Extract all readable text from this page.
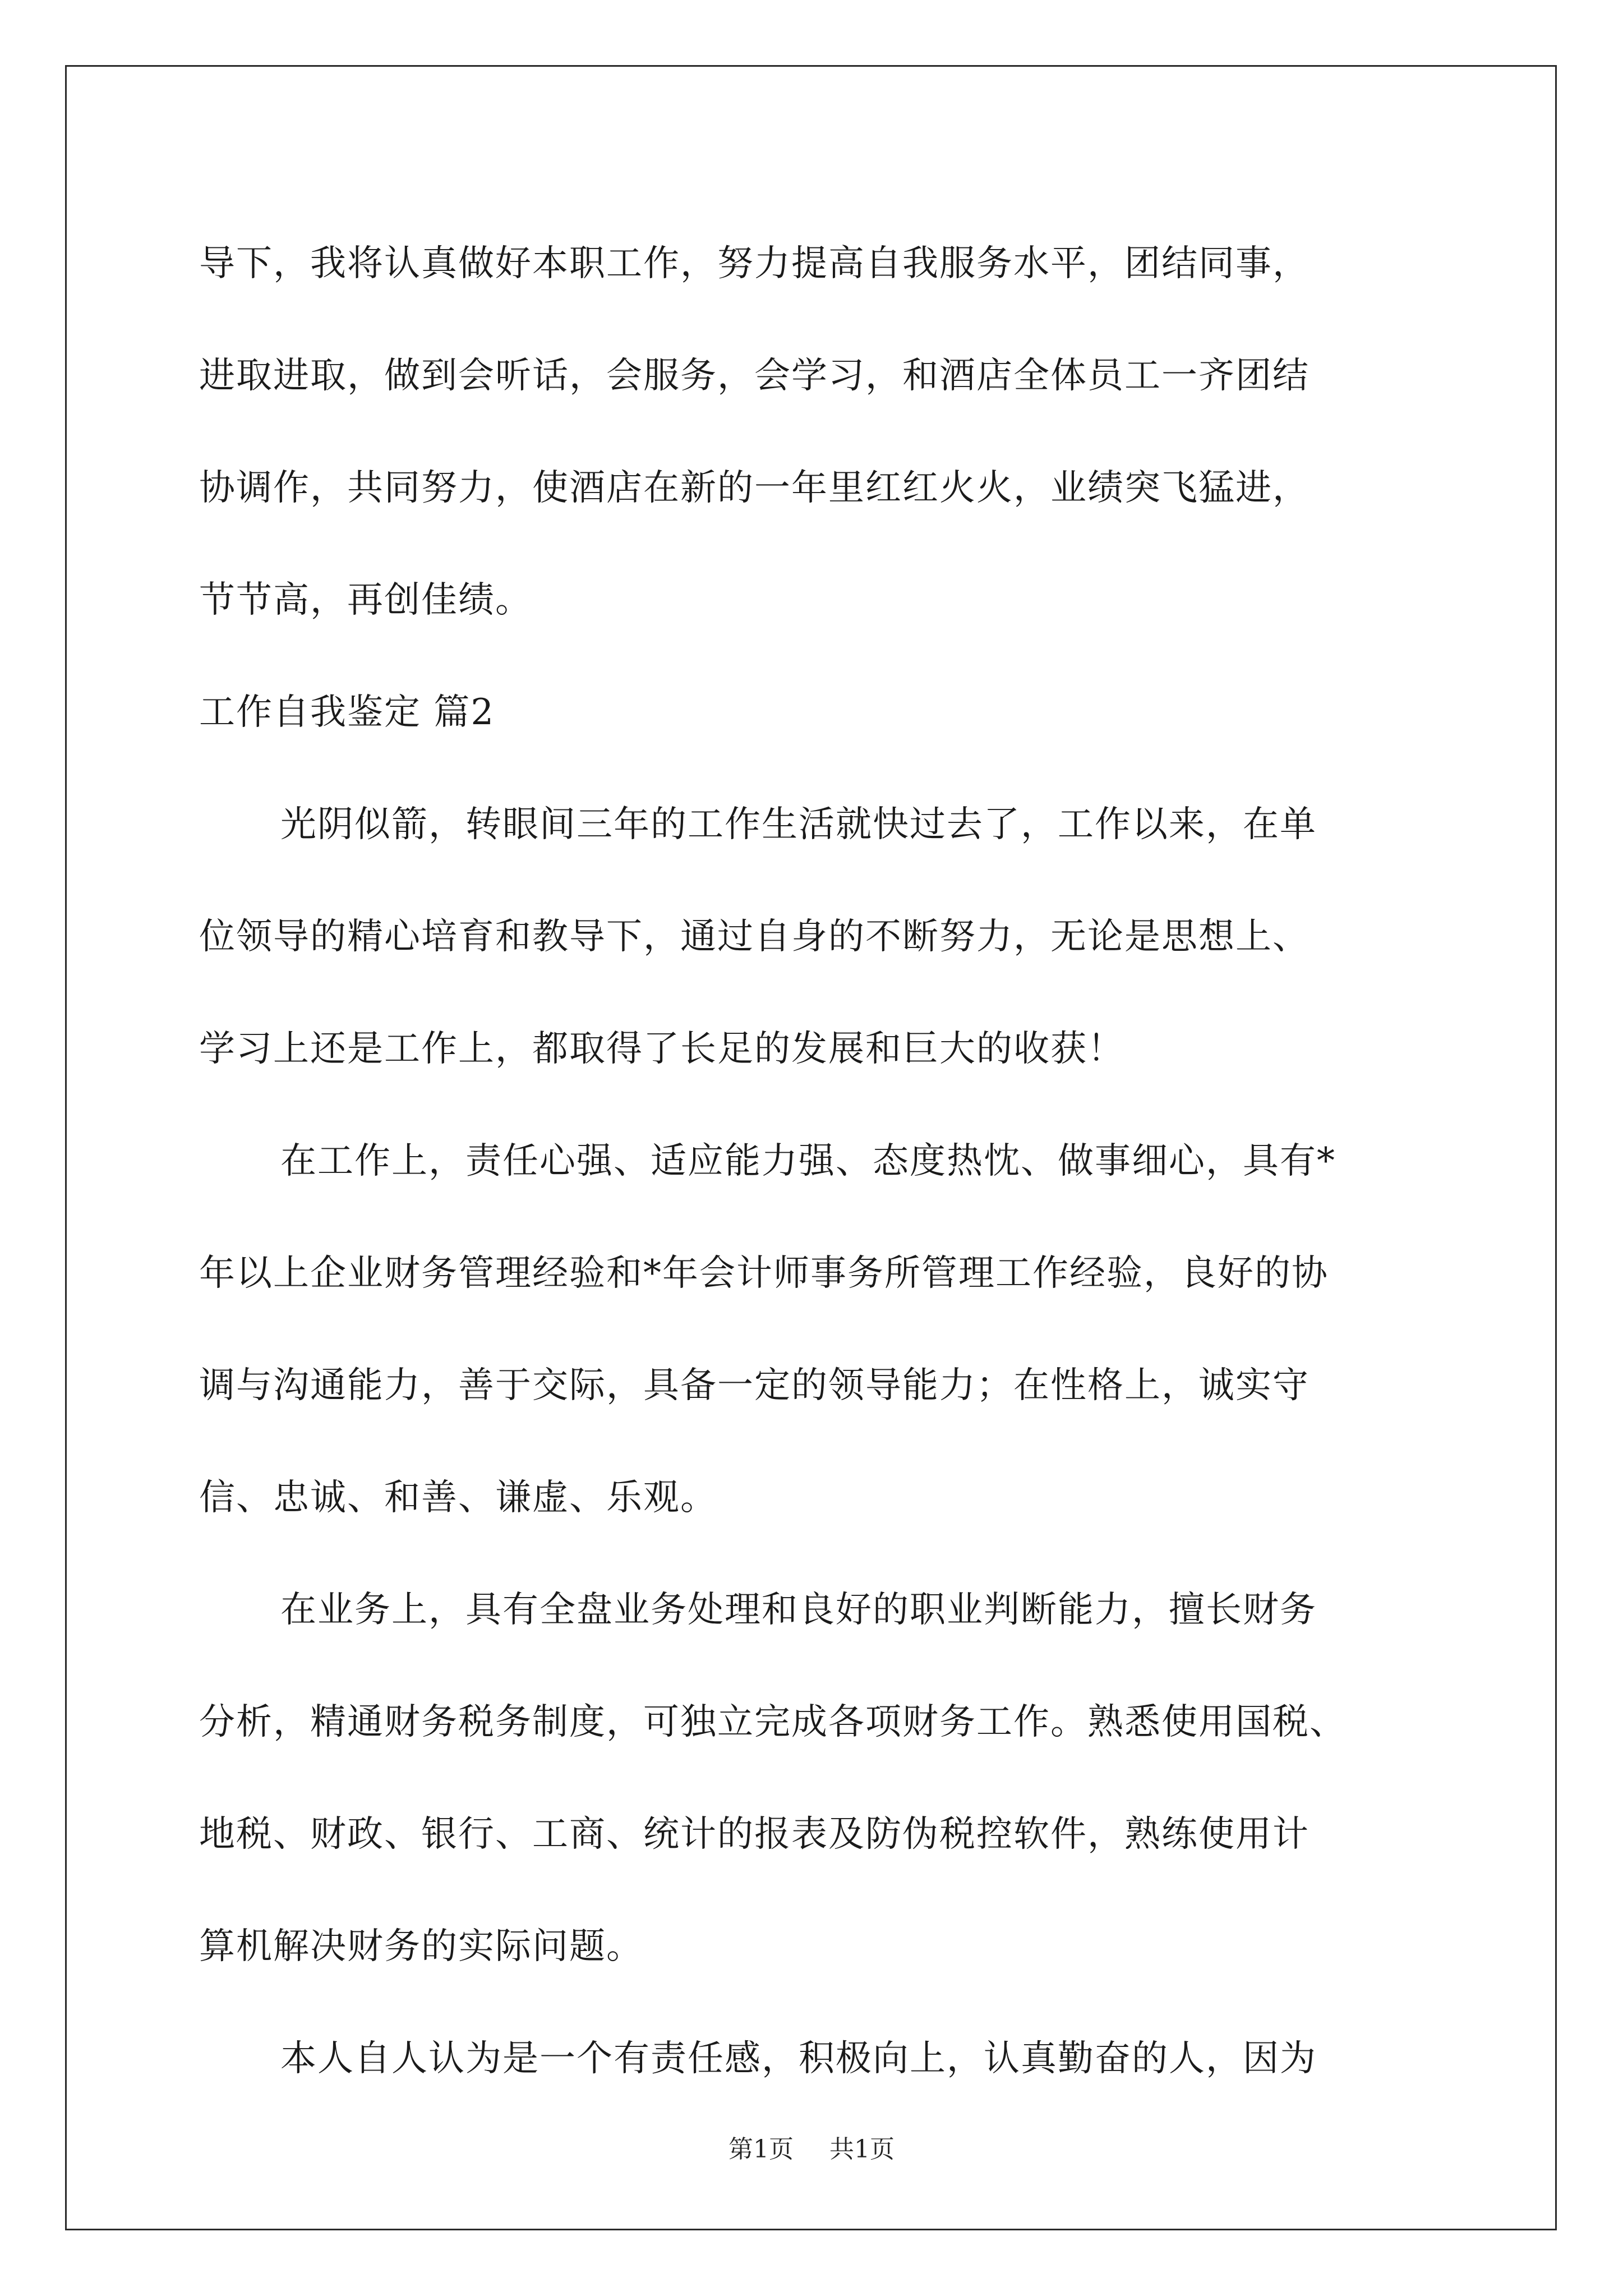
导下，我将认真做好本职工作，努力提高自我服务水平，团结同事，
进取进取，做到会听话，会服务，会学习，和酒店全体员工一齐团结
协调作，共同努力，使酒店在新的一年里红红火火，业绩突飞猛进，
节节高，再创佳绩。
工作自我鉴定 篇2
光阴似箭，转眼间三年的工作生活就快过去了，工作以来，在单
位领导的精心培育和教导下，通过自身的不断努力，无论是思想上、
学习上还是工作上，都取得了长足的发展和巨大的收获！
在工作上，责任心强、适应能力强、态度热忱、做事细心，具有*
年以上企业财务管理经验和*年会计师事务所管理工作经验，良好的协
调与沟通能力，善于交际，具备一定的领导能力；在性格上，诚实守
信、忠诚、和善、谦虚、乐观。
在业务上，具有全盘业务处理和良好的职业判断能力，擅长财务
分析，精通财务税务制度，可独立完成各项财务工作。熟悉使用国税、
地税、财政、银行、工商、统计的报表及防伪税控软件，熟练使用计
算机解决财务的实际问题。
本人自人认为是一个有责任感，积极向上，认真勤奋的人，因为
第1页 共1页
